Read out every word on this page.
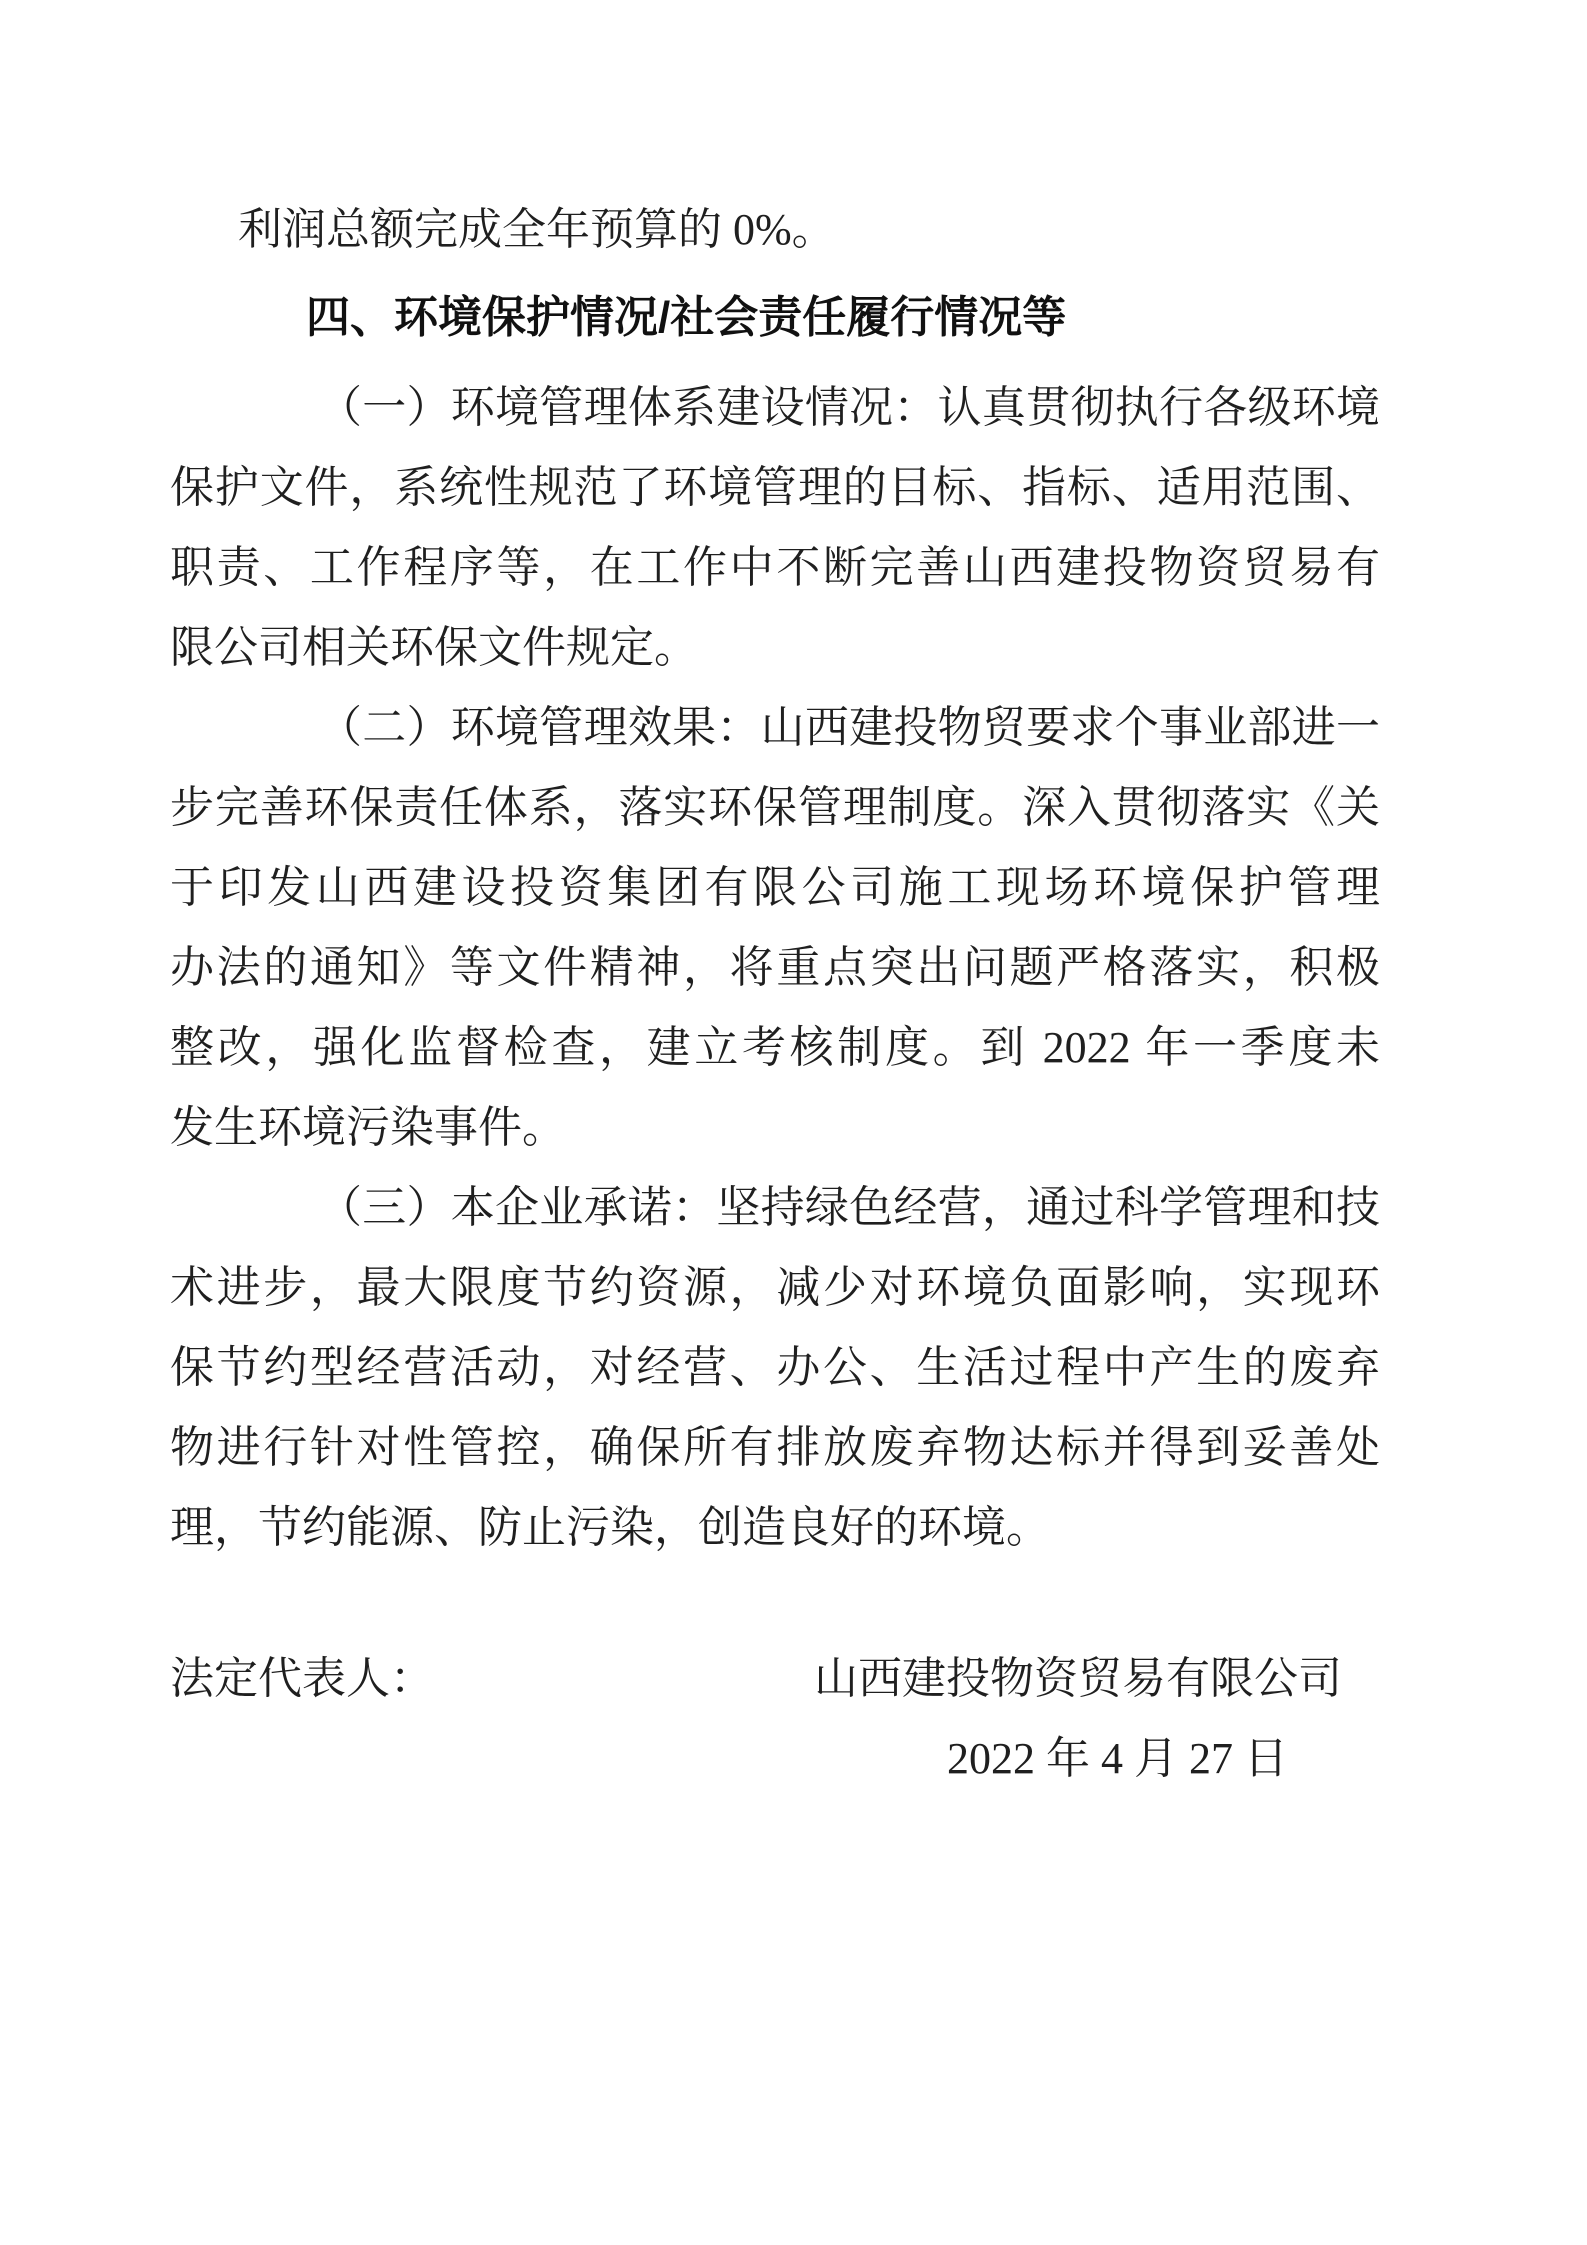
利润总额完成全年预算的 0%。

四、环境保护情况/社会责任履行情况等
（一）环境管理体系建设情况：认真贯彻执行各级环境
保护文件，系统性规范了环境管理的目标、指标、适用范围、
职责、工作程序等，在工作中不断完善山西建投物资贸易有
限公司相关环保文件规定。
（二）环境管理效果：山西建投物贸要求个事业部进一
步完善环保责任体系，落实环保管理制度。深入贯彻落实《关
于印发山西建设投资集团有限公司施工现场环境保护管理
办法的通知》等文件精神，将重点突出问题严格落实，积极
整改，强化监督检查，建立考核制度。到 2022 年一季度未
发生环境污染事件。
（三）本企业承诺：坚持绿色经营，通过科学管理和技
术进步，最大限度节约资源，减少对环境负面影响，实现环
保节约型经营活动，对经营、办公、生活过程中产生的废弃
物进行针对性管控，确保所有排放废弃物达标并得到妥善处
理，节约能源、防止污染，创造良好的环境。
法定代表人：	山西建投物资贸易有限公司
2022 年 4 月 27 日
